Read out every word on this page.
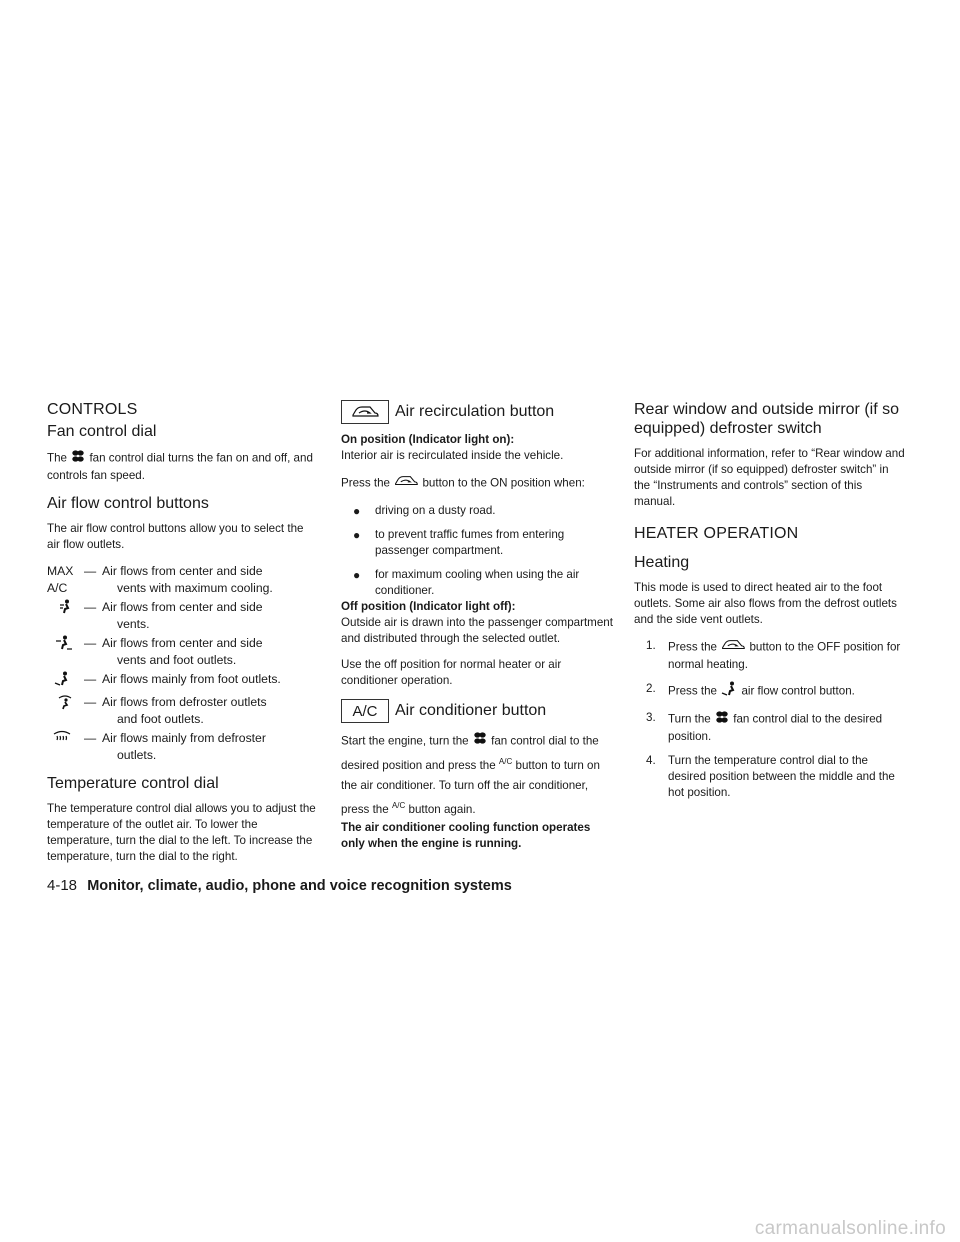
CONTROLS
Fan control dial
The fan control dial turns the fan on and off, and controls fan speed.
Air flow control buttons
The air flow control buttons allow you to select the air flow outlets.
MAX
A/C
— Air flows from center and side
vents with maximum cooling.
— Air flows from center and side
vents.
— Air flows from center and side
vents and foot outlets.
— Air flows mainly from foot outlets.
— Air flows from defroster outlets
and foot outlets.
— Air flows mainly from defroster
outlets.
Temperature control dial
The temperature control dial allows you to adjust the temperature of the outlet air. To lower the temperature, turn the dial to the left. To increase the temperature, turn the dial to the right.
Air recirculation button
On position (Indicator light on):
Interior air is recirculated inside the vehicle.
Press the	button to the ON position when:
●	driving on a dusty road.
●	to prevent traffic fumes from entering passenger compartment.
●	for maximum cooling when using the air conditioner.
Off position (Indicator light off):
Outside air is drawn into the passenger compartment and distributed through the selected outlet.
Use the off position for normal heater or air conditioner operation.
A/C	Air conditioner button
Start the engine, turn the fan control dial to the desired position and press the $^{A/C}$ button to turn on the air conditioner. To turn off the air conditioner, press the $^{A/C}$ button again.
The air conditioner cooling function operates only when the engine is running.
Rear window and outside mirror (if so equipped) defroster switch
For additional information, refer to “Rear window and outside mirror (if so equipped) defroster switch” in the “Instruments and controls” section of this manual.
HEATER OPERATION
Heating
This mode is used to direct heated air to the foot outlets. Some air also flows from the defrost outlets and the side vent outlets.
1.	Press the	button to the OFF position for normal heating.
2.	Press the air flow control button.
3.	Turn the fan control dial to the desired position.
4.	Turn the temperature control dial to the desired position between the middle and the hot position.
4-18 Monitor, climate, audio, phone and voice recognition systems
carmanualsonline.info
